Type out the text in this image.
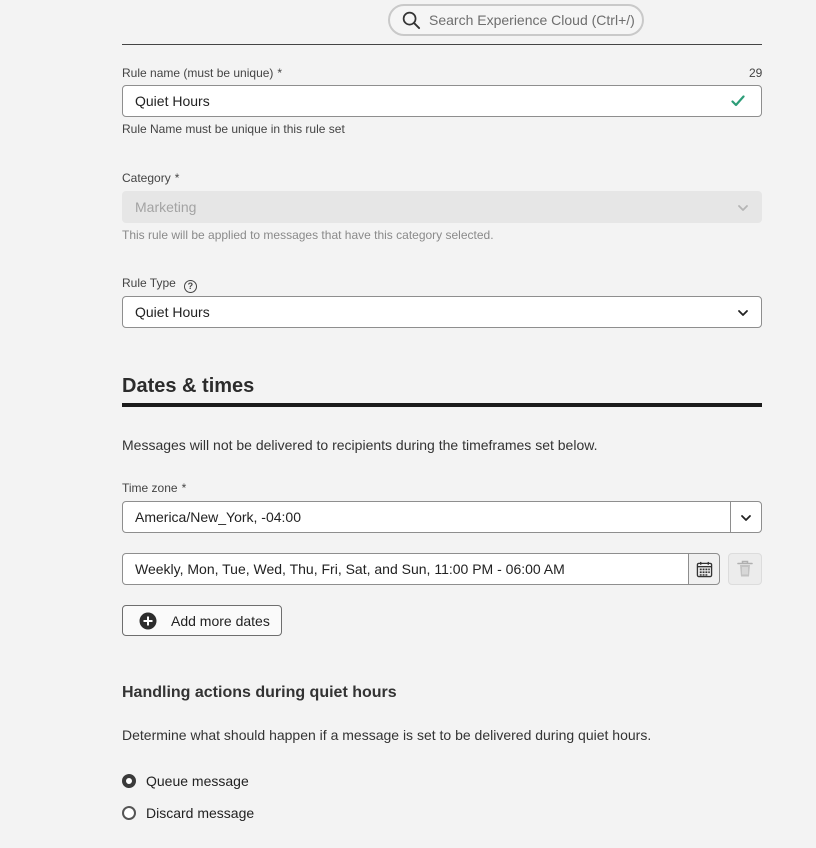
Search Experience Cloud (Ctrl+/)
Rule name (must be unique) *	29
Quiet Hours
Rule Name must be unique in this rule set
Category *
Marketing
This rule will be applied to messages that have this category selected.
Rule Type ?
Quiet Hours
Dates & times
Messages will not be delivered to recipients during the timeframes set below.
Time zone *
America/New_York, -04:00
Weekly, Mon, Tue, Wed, Thu, Fri, Sat, and Sun, 11:00 PM - 06:00 AM
Add more dates
Handling actions during quiet hours
Determine what should happen if a message is set to be delivered during quiet hours.
Queue message
Discard message
